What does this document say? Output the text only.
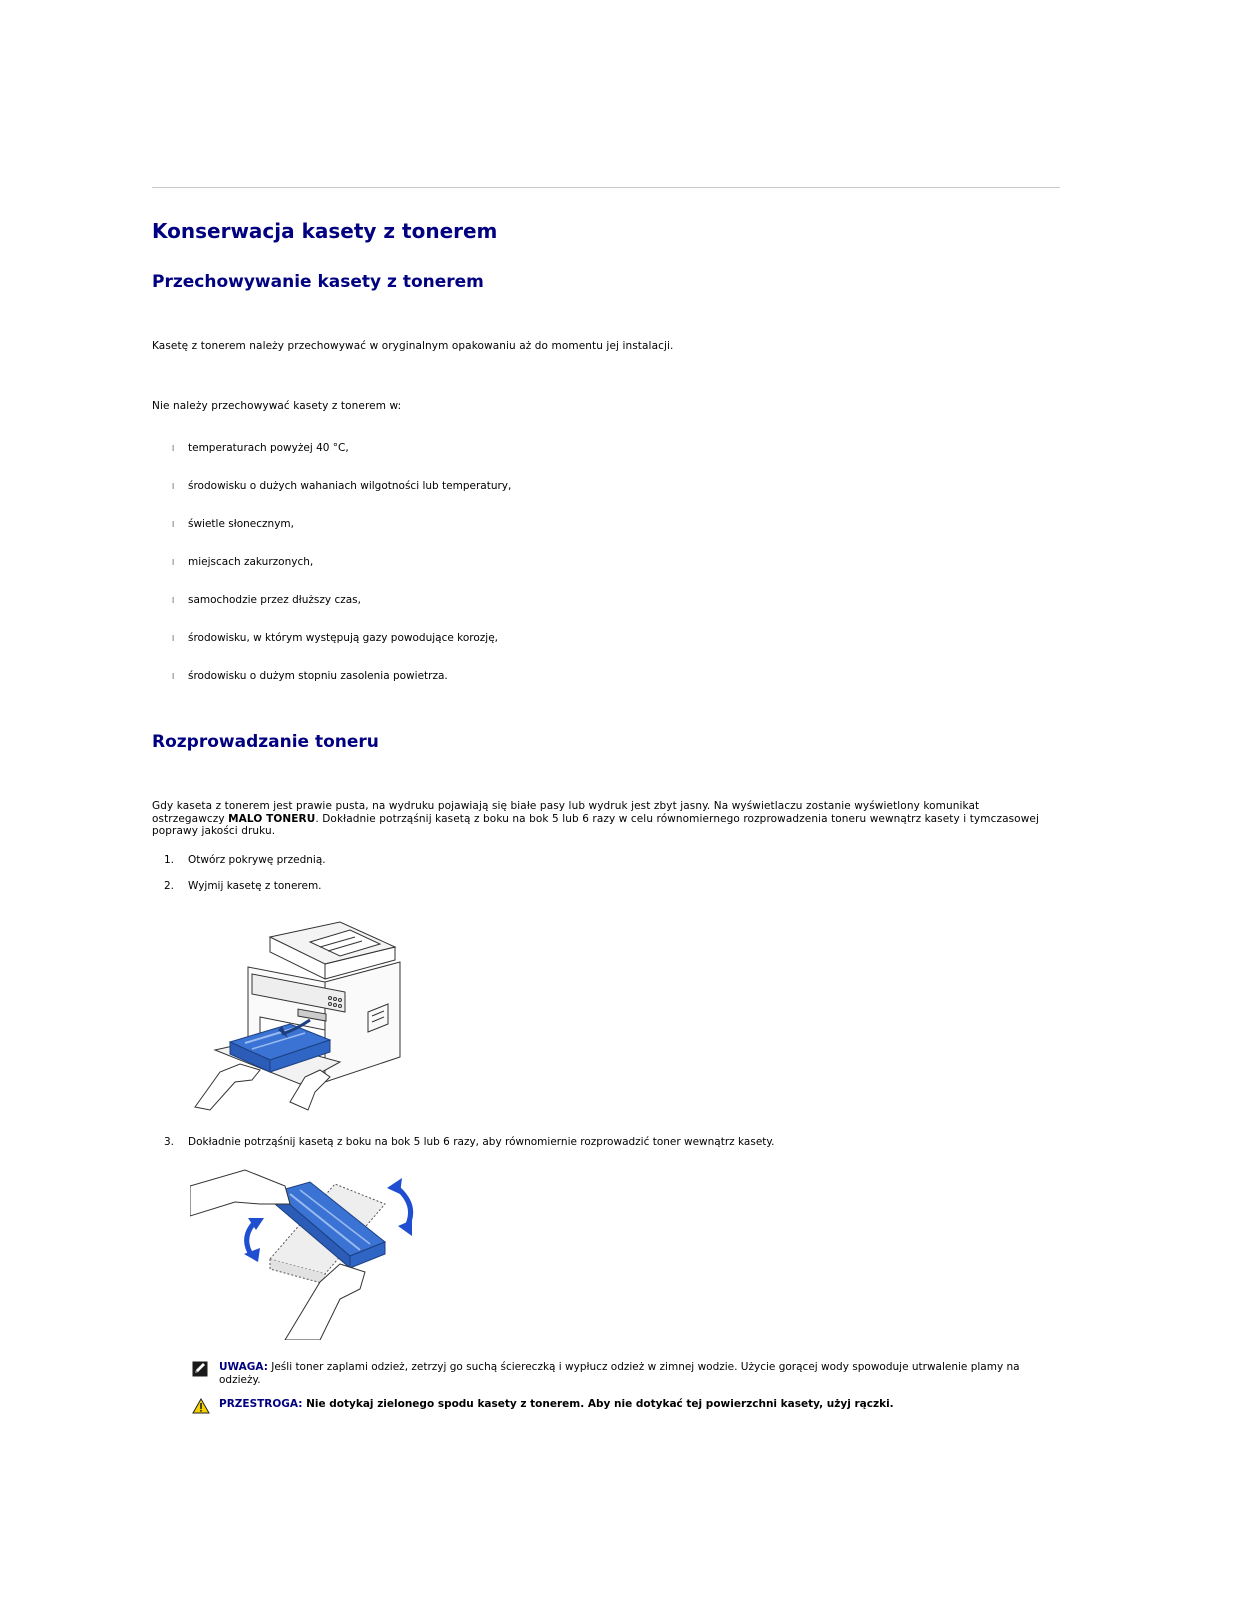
Konserwacja kasety z tonerem
Przechowywanie kasety z tonerem
Kasetę z tonerem należy przechowywać w oryginalnym opakowaniu aż do momentu jej instalacji.
Nie należy przechowywać kasety z tonerem w:
l temperaturach powyżej 40 °C,
l środowisku o dużych wahaniach wilgotności lub temperatury,
l świetle słonecznym,
l miejscach zakurzonych,
l samochodzie przez dłuższy czas,
l środowisku, w którym występują gazy powodujące korozję,
l środowisku o dużym stopniu zasolenia powietrza.
Rozprowadzanie toneru
Gdy kaseta z tonerem jest prawie pusta, na wydruku pojawiają się białe pasy lub wydruk jest zbyt jasny. Na wyświetlaczu zostanie wyświetlony komunikat ostrzegawczy MALO TONERU. Dokładnie potrząśnij kasetą z boku na bok 5 lub 6 razy w celu równomiernego rozprowadzenia toneru wewnątrz kasety i tymczasowej poprawy jakości druku.
1. Otwórz pokrywę przednią.
2. Wyjmij kasetę z tonerem.
3. Dokładnie potrząśnij kasetą z boku na bok 5 lub 6 razy, aby równomiernie rozprowadzić toner wewnątrz kasety.
UWAGA: Jeśli toner zaplami odzież, zetrzyj go suchą ściereczką i wypłucz odzież w zimnej wodzie. Użycie gorącej wody spowoduje utrwalenie plamy na odzieży.
PRZESTROGA: Nie dotykaj zielonego spodu kasety z tonerem. Aby nie dotykać tej powierzchni kasety, użyj rączki.
